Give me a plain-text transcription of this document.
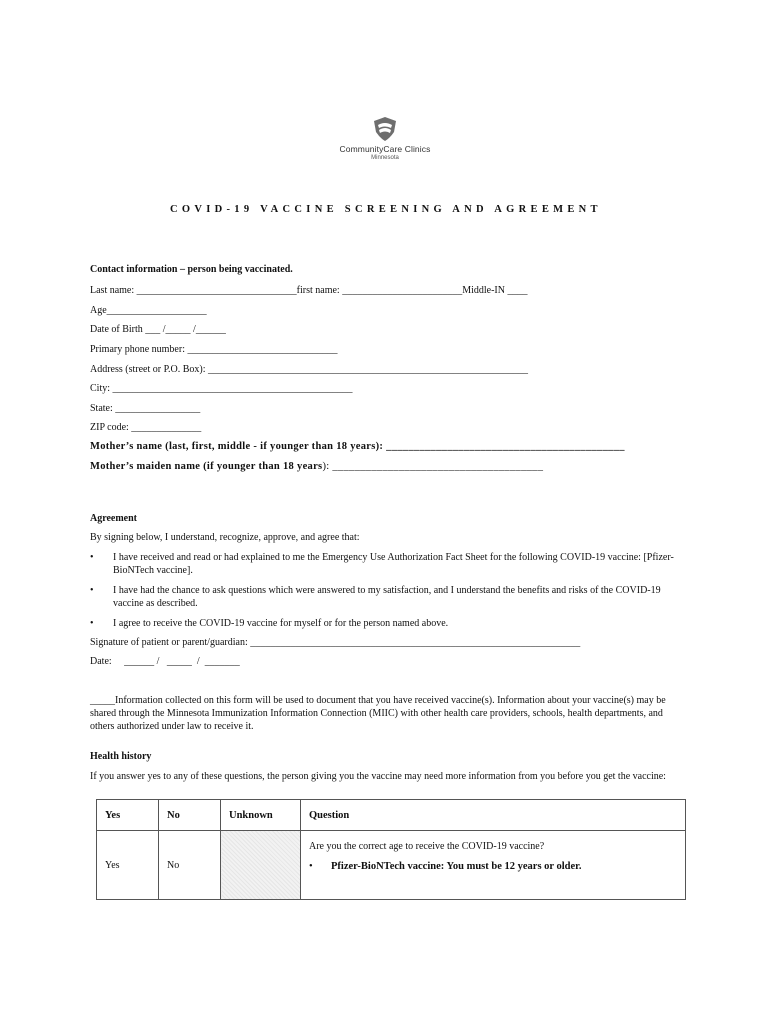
CommunityCare Clinics
Minnesota
COVID-19 VACCINE SCREENING AND AGREEMENT
Contact information – person being vaccinated.
Last name: ________________________________first name: ________________________Middle-IN ____
Age____________________
Date of Birth ___ /_____ /______
Primary phone number: ______________________________
Address (street or P.O. Box): ________________________________________________________________
City: ________________________________________________
State: _________________
ZIP code: ______________
Mother’s name (last, first, middle - if younger than 18 years): ___________________________________________
Mother’s maiden name (if younger than 18 years): ______________________________________
Agreement
By signing below, I understand, recognize, approve, and agree that:
• I have received and read or had explained to me the Emergency Use Authorization Fact Sheet for the following COVID-19 vaccine: [Pfizer-BioNTech vaccine].
• I have had the chance to ask questions which were answered to my satisfaction, and I understand the benefits and risks of the COVID-19 vaccine as described.
• I agree to receive the COVID-19 vaccine for myself or for the person named above.
Signature of patient or parent/guardian: __________________________________________________________________
Date:     ______ /   _____  /  _______
_____Information collected on this form will be used to document that you have received vaccine(s). Information about your vaccine(s) may be shared through the Minnesota Immunization Information Connection (MIIC) with other health care providers, schools, health departments, and others authorized under law to receive it.
Health history
If you answer yes to any of these questions, the person giving you the vaccine may need more information from you before you get the vaccine:
Yes	No	Unknown	Question
Yes	No		Are you the correct age to receive the COVID-19 vaccine?
• Pfizer-BioNTech vaccine: You must be 12 years or older.
